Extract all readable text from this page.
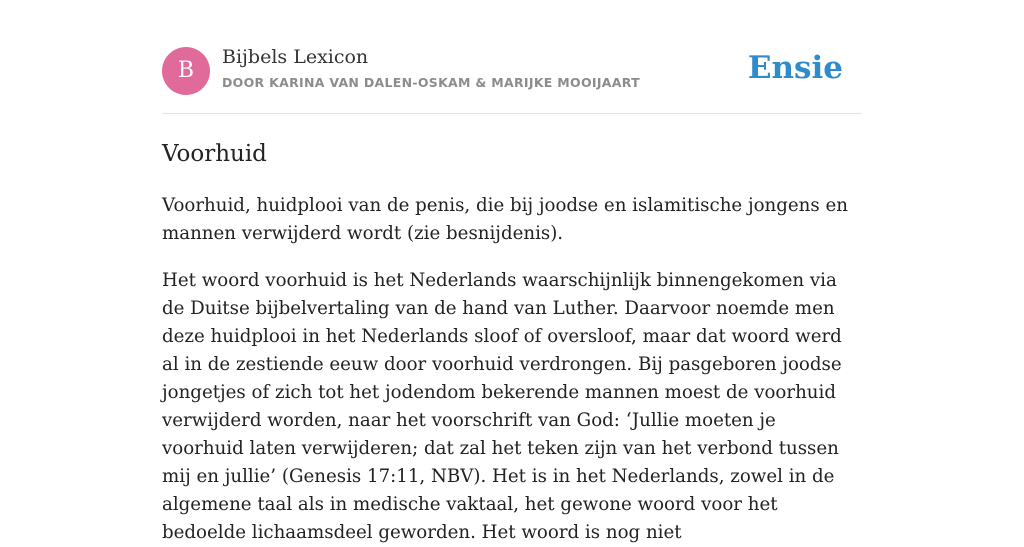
B
Bijbels Lexicon
DOOR KARINA VAN DALEN-OSKAM & MARIJKE MOOIJAART	Ensie
Voorhuid

Voorhuid, huidplooi van de penis, die bij joodse en islamitische jongens en mannen verwijderd wordt (zie besnijdenis).

Het woord voorhuid is het Nederlands waarschijnlijk binnengekomen via de Duitse bijbelvertaling van de hand van Luther. Daarvoor noemde men deze huidplooi in het Nederlands sloof of oversloof, maar dat woord werd al in de zestiende eeuw door voorhuid verdrongen. Bij pasgeboren joodse jongetjes of zich tot het jodendom bekerende mannen moest de voorhuid verwijderd worden, naar het voorschrift van God: ‘Jullie moeten je voorhuid laten verwijderen; dat zal het teken zijn van het verbond tussen mij en jullie’ (Genesis 17:11, NBV). Het is in het Nederlands, zowel in de algemene taal als in medische vaktaal, het gewone woord voor het bedoelde lichaamsdeel geworden. Het woord is nog niet
